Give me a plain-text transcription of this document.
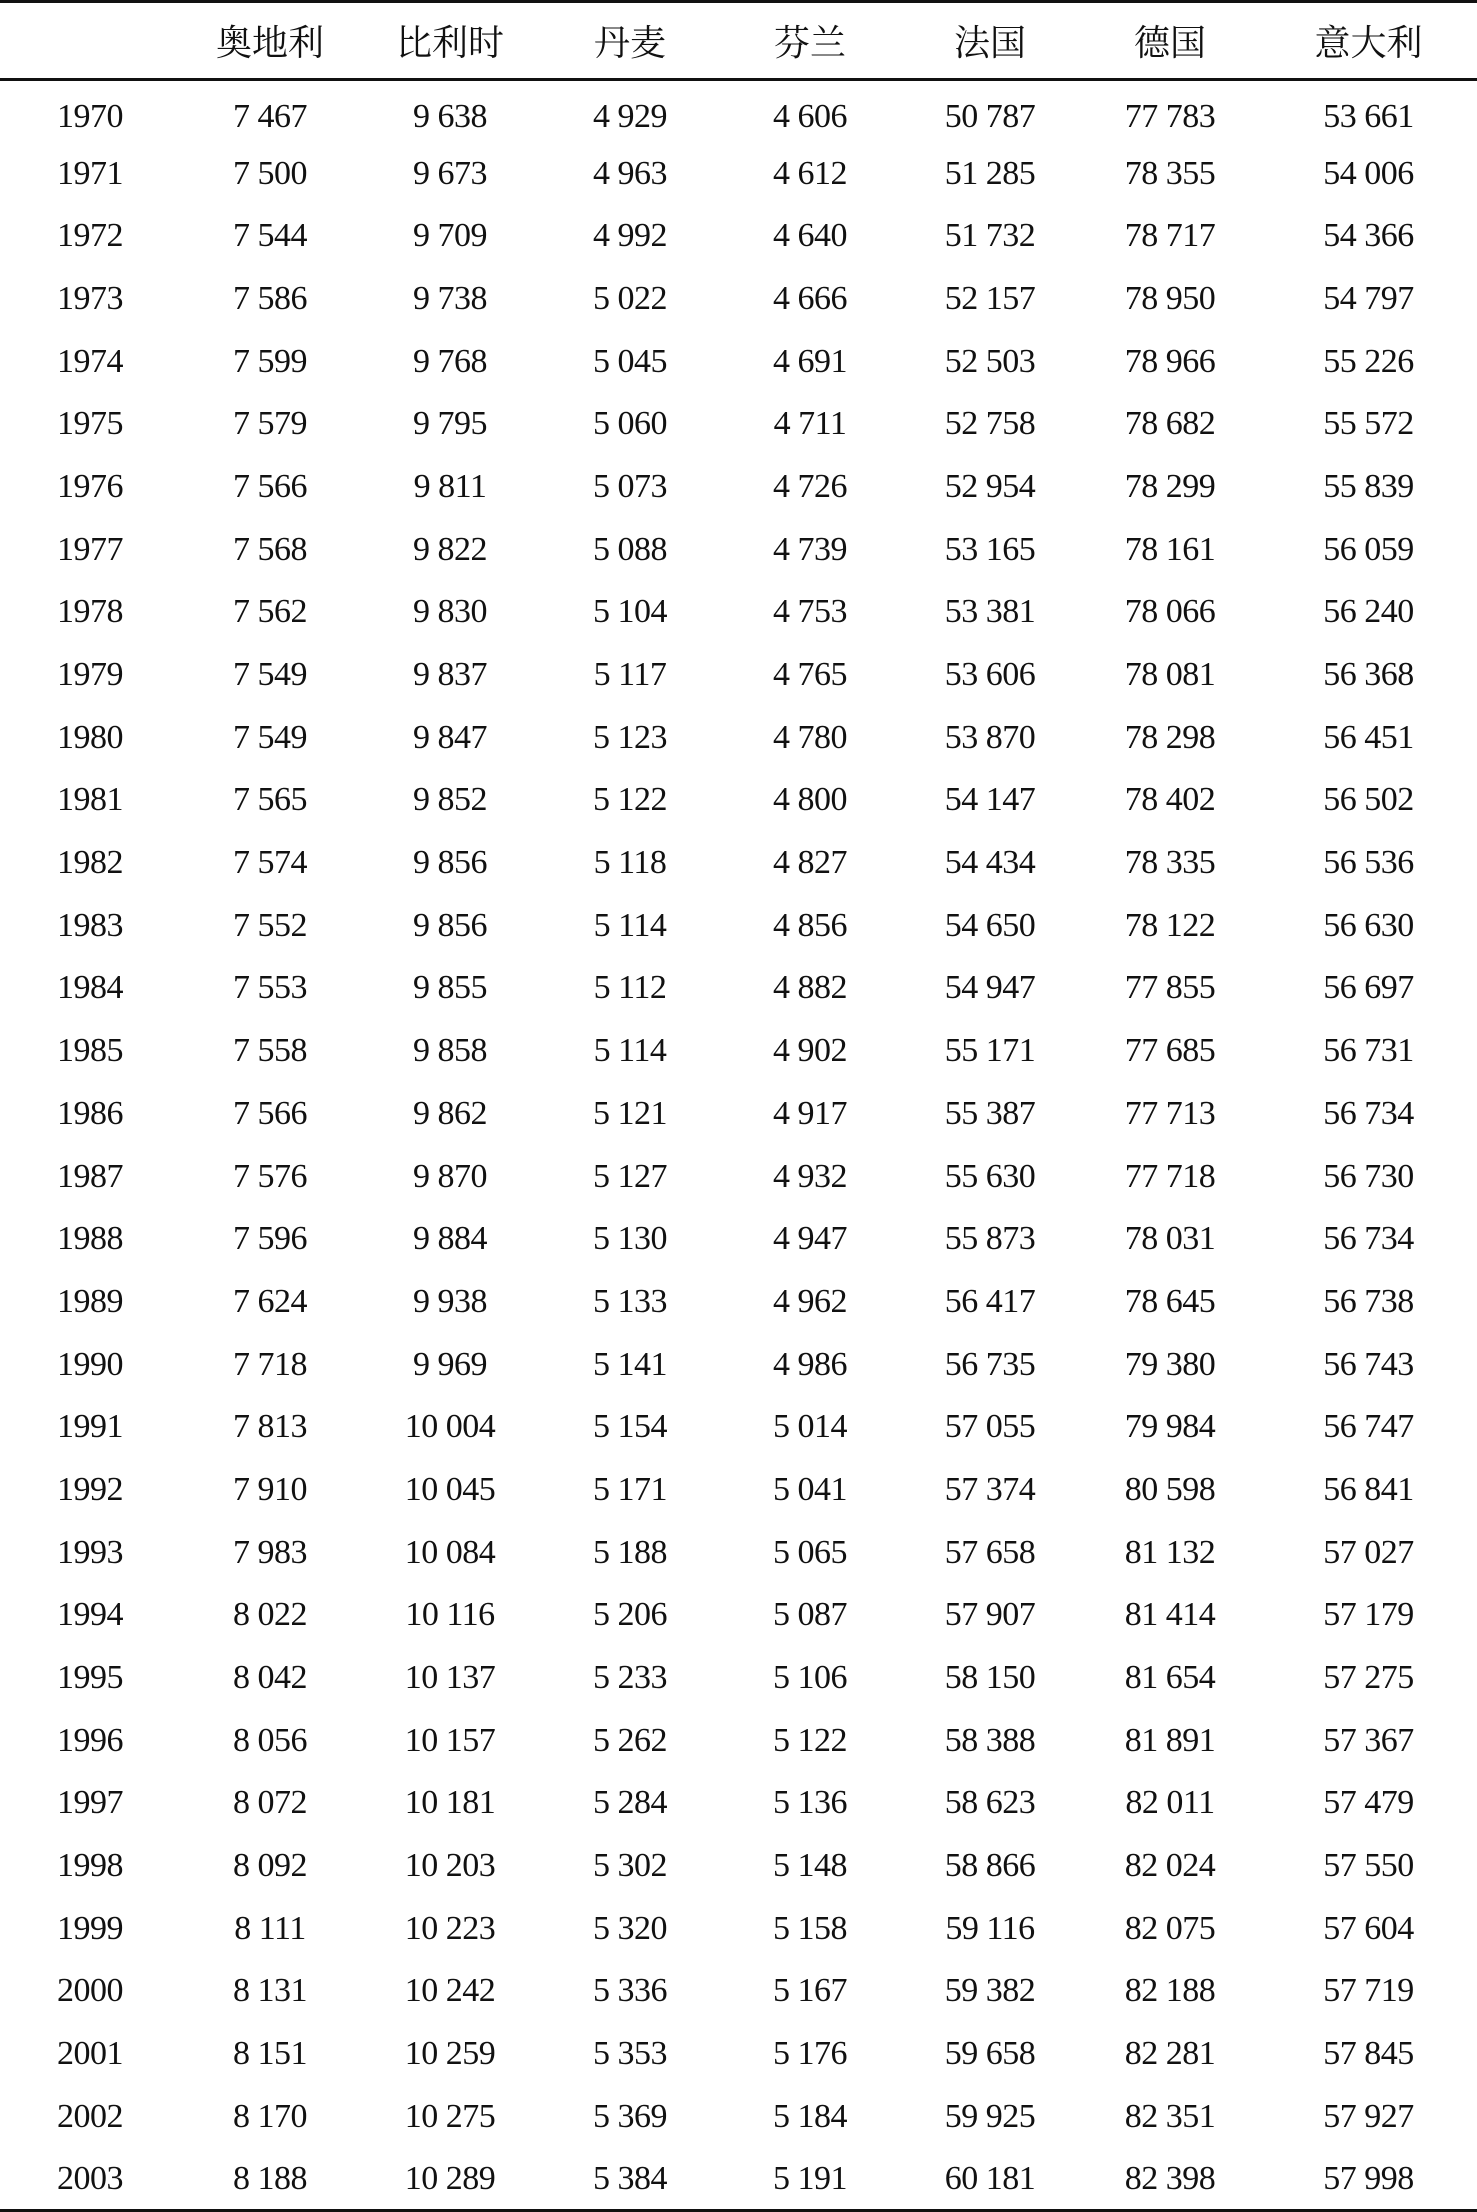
	奥地利	比利时	丹麦	芬兰	法国	德国	意大利
1970	7 467	9 638	4 929	4 606	50 787	77 783	53 661
1971	7 500	9 673	4 963	4 612	51 285	78 355	54 006
1972	7 544	9 709	4 992	4 640	51 732	78 717	54 366
1973	7 586	9 738	5 022	4 666	52 157	78 950	54 797
1974	7 599	9 768	5 045	4 691	52 503	78 966	55 226
1975	7 579	9 795	5 060	4 711	52 758	78 682	55 572
1976	7 566	9 811	5 073	4 726	52 954	78 299	55 839
1977	7 568	9 822	5 088	4 739	53 165	78 161	56 059
1978	7 562	9 830	5 104	4 753	53 381	78 066	56 240
1979	7 549	9 837	5 117	4 765	53 606	78 081	56 368
1980	7 549	9 847	5 123	4 780	53 870	78 298	56 451
1981	7 565	9 852	5 122	4 800	54 147	78 402	56 502
1982	7 574	9 856	5 118	4 827	54 434	78 335	56 536
1983	7 552	9 856	5 114	4 856	54 650	78 122	56 630
1984	7 553	9 855	5 112	4 882	54 947	77 855	56 697
1985	7 558	9 858	5 114	4 902	55 171	77 685	56 731
1986	7 566	9 862	5 121	4 917	55 387	77 713	56 734
1987	7 576	9 870	5 127	4 932	55 630	77 718	56 730
1988	7 596	9 884	5 130	4 947	55 873	78 031	56 734
1989	7 624	9 938	5 133	4 962	56 417	78 645	56 738
1990	7 718	9 969	5 141	4 986	56 735	79 380	56 743
1991	7 813	10 004	5 154	5 014	57 055	79 984	56 747
1992	7 910	10 045	5 171	5 041	57 374	80 598	56 841
1993	7 983	10 084	5 188	5 065	57 658	81 132	57 027
1994	8 022	10 116	5 206	5 087	57 907	81 414	57 179
1995	8 042	10 137	5 233	5 106	58 150	81 654	57 275
1996	8 056	10 157	5 262	5 122	58 388	81 891	57 367
1997	8 072	10 181	5 284	5 136	58 623	82 011	57 479
1998	8 092	10 203	5 302	5 148	58 866	82 024	57 550
1999	8 111	10 223	5 320	5 158	59 116	82 075	57 604
2000	8 131	10 242	5 336	5 167	59 382	82 188	57 719
2001	8 151	10 259	5 353	5 176	59 658	82 281	57 845
2002	8 170	10 275	5 369	5 184	59 925	82 351	57 927
2003	8 188	10 289	5 384	5 191	60 181	82 398	57 998
